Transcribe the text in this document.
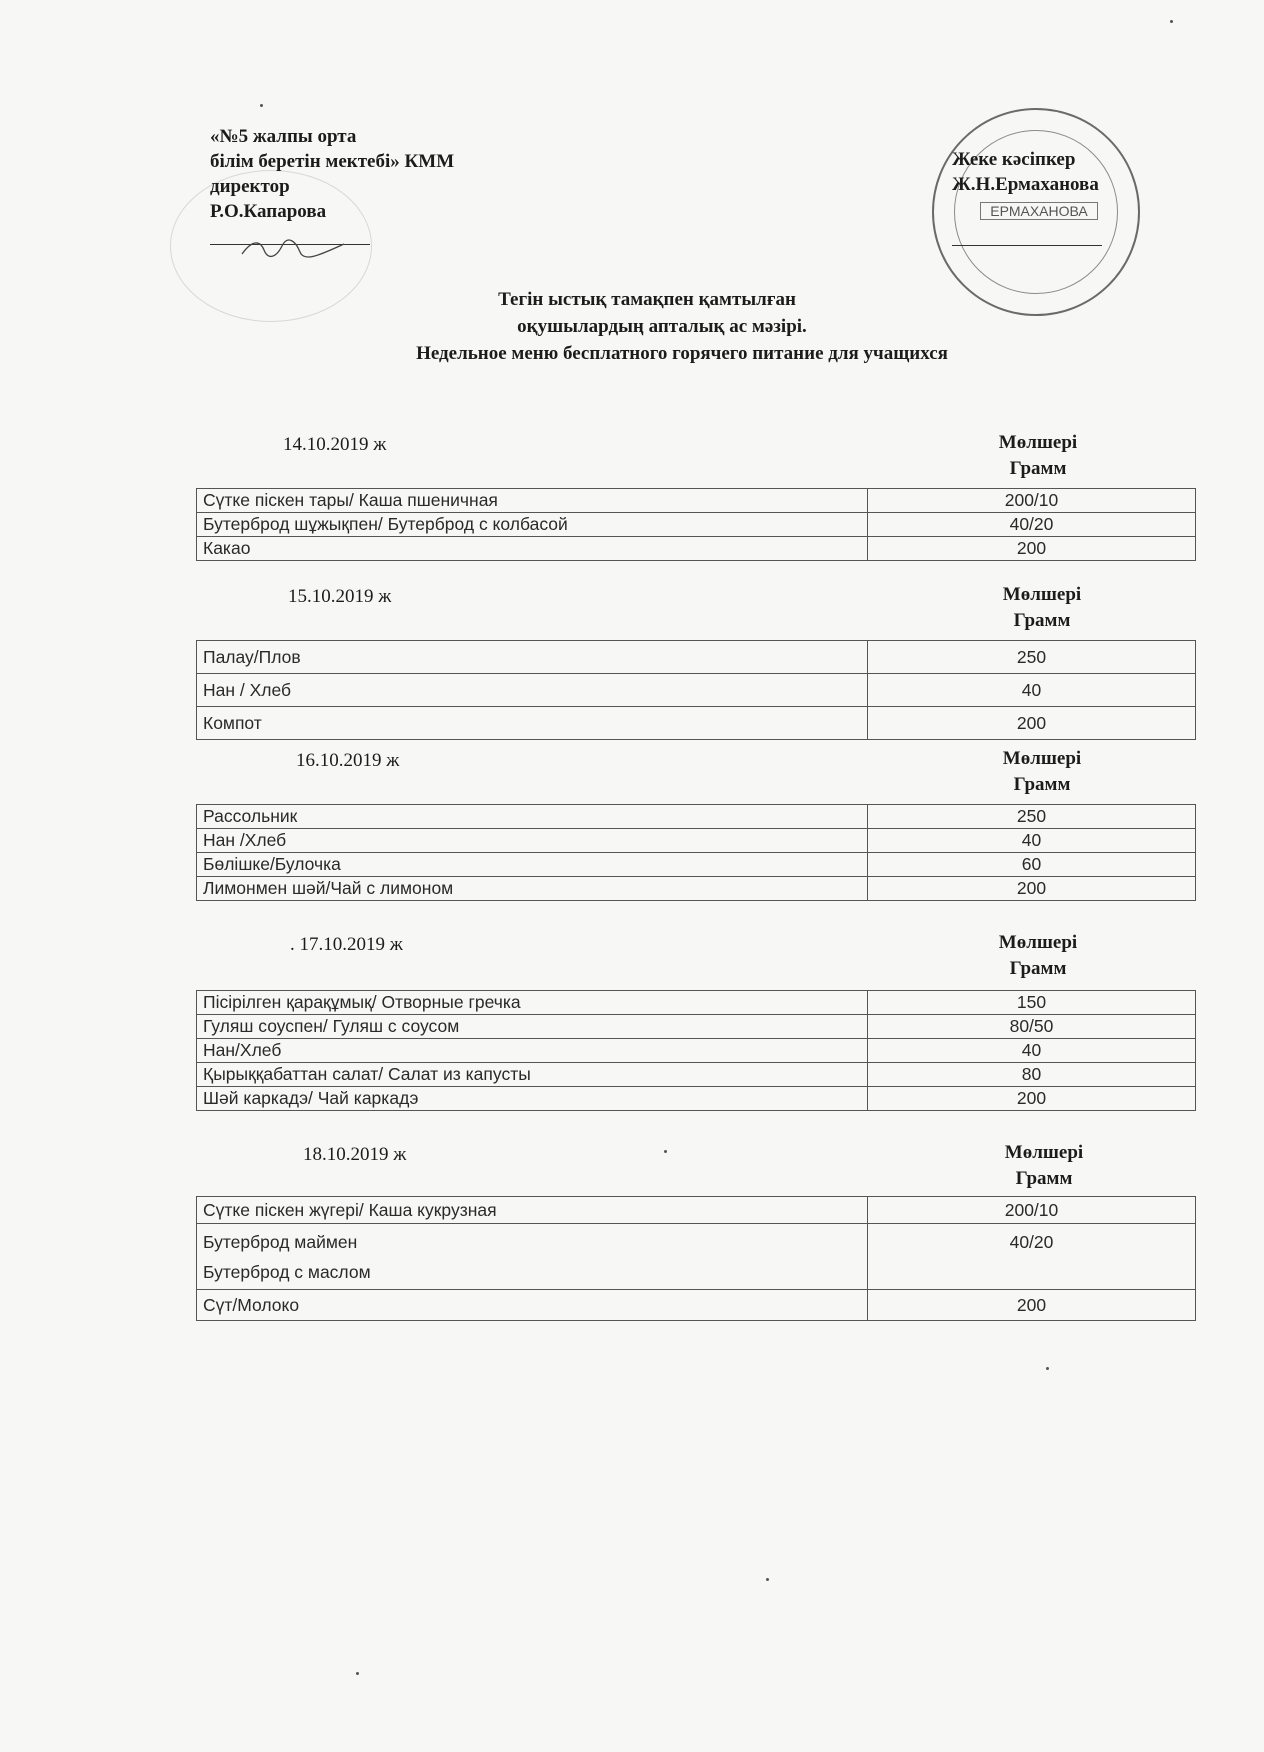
«№5 жалпы орта
білім беретін мектебі» КММ
директор
Р.О.Капарова	ЕРМАХАНОВА
Жеке кәсіпкер
Ж.Н.Ермаханова
Тегін ыстық тамақпен қамтылған
оқушылардың апталық ас мәзірі.
Недельное меню бесплатного горячего питание для учащихся
14.10.2019 ж	Мөлшері
Грамм
Сүтке піскен тары/ Каша пшеничная	200/10
Бутерброд шұжықпен/ Бутерброд с колбасой	40/20
Какао	200
15.10.2019 ж	Мөлшері
Грамм
Палау/Плов	250
Нан / Хлеб	40
Компот	200
16.10.2019 ж	Мөлшері
Грамм
Рассольник	250
Нан /Хлеб	40
Бөлішке/Булочка	60
Лимонмен шәй/Чай с лимоном	200
. 17.10.2019 ж	Мөлшері
Грамм
Пісірілген қарақұмық/ Отворные гречка	150
Гуляш соуспен/ Гуляш с соусом	80/50
Нан/Хлеб	40
Қырыққабаттан салат/ Салат из капусты	80
Шәй каркадэ/ Чай каркадэ	200
18.10.2019 ж	Мөлшері
Грамм
Сүтке піскен жүгері/ Каша кукрузная	200/10

Бутерброд маймен
Бутерброд с маслом	40/20
Сүт/Молоко	200
